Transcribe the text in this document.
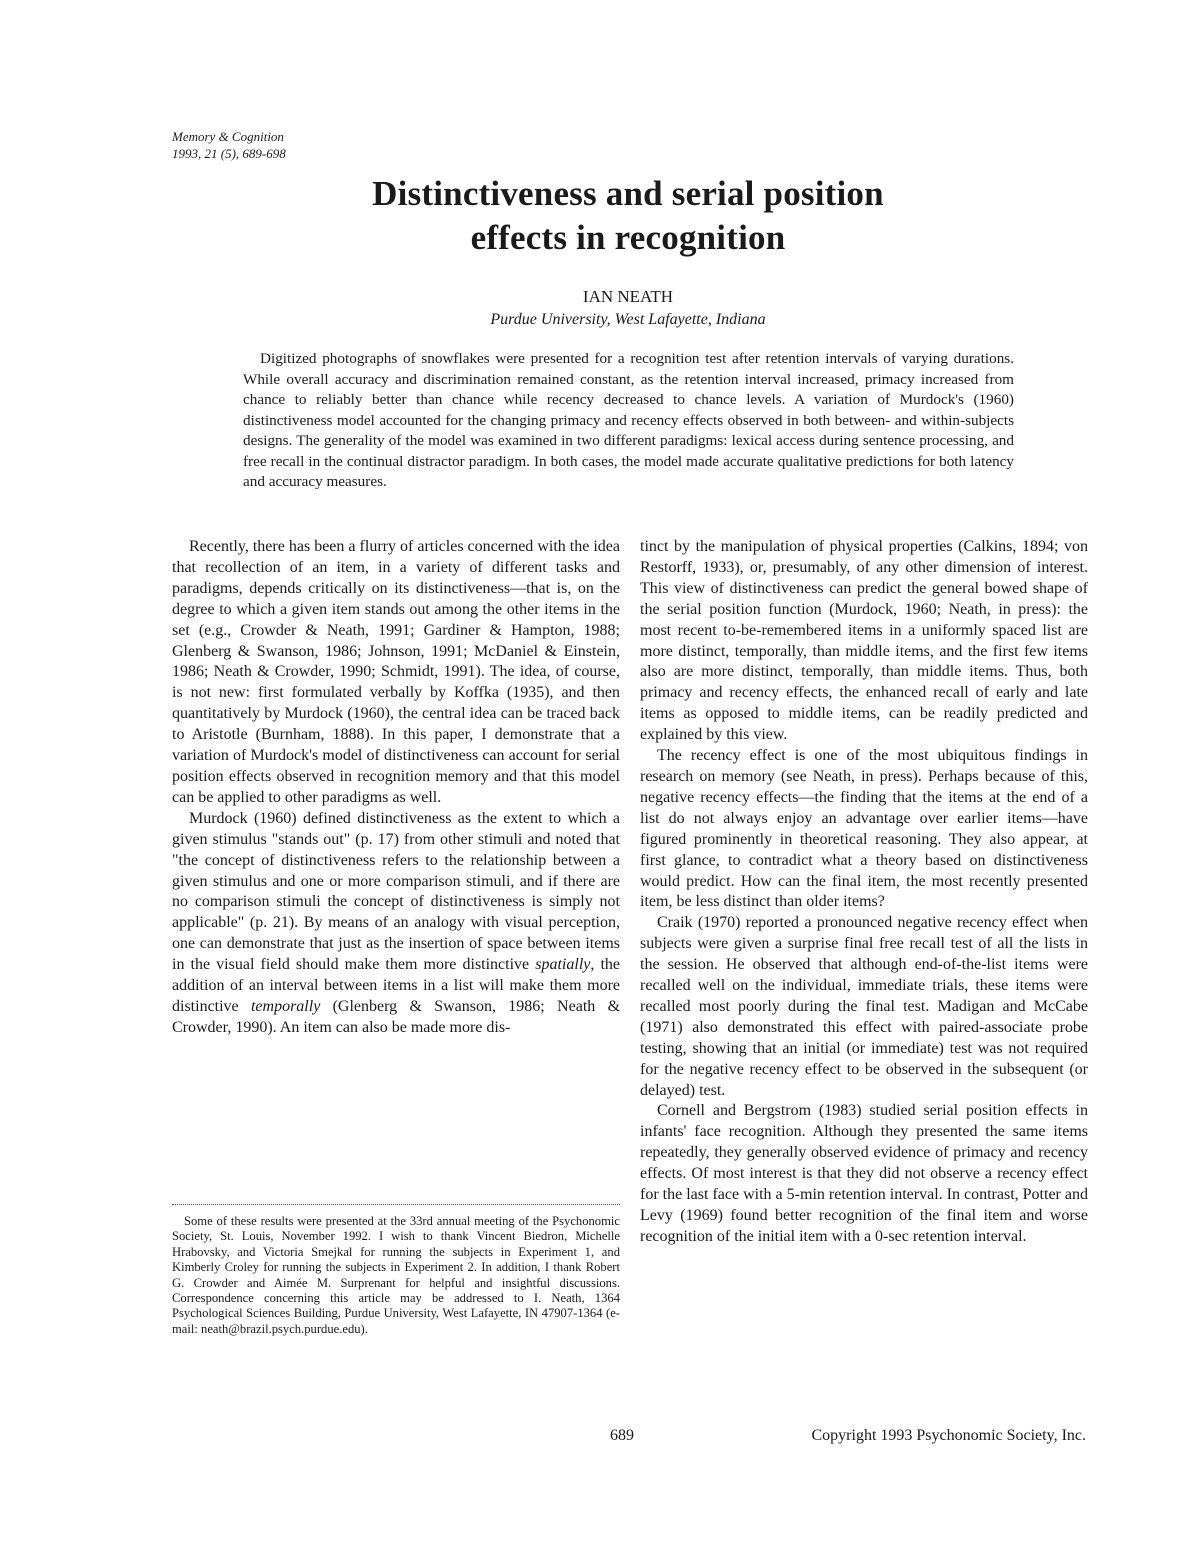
Memory & Cognition
1993, 21 (5), 689-698
Distinctiveness and serial position
effects in recognition
IAN NEATH
Purdue University, West Lafayette, Indiana

Digitized photographs of snowflakes were presented for a recognition test after retention intervals of varying durations. While overall accuracy and discrimination remained constant, as the retention interval increased, primacy increased from chance to reliably better than chance while recency decreased to chance levels. A variation of Murdock's (1960) distinctiveness model accounted for the changing primacy and recency effects observed in both between- and within-subjects designs. The generality of the model was examined in two different paradigms: lexical access during sentence processing, and free recall in the continual distractor paradigm. In both cases, the model made accurate qualitative predictions for both latency and accuracy measures.

Recently, there has been a flurry of articles concerned with the idea that recollection of an item, in a variety of different tasks and paradigms, depends critically on its distinctiveness—that is, on the degree to which a given item stands out among the other items in the set (e.g., Crowder & Neath, 1991; Gardiner & Hampton, 1988; Glenberg & Swanson, 1986; Johnson, 1991; McDaniel & Einstein, 1986; Neath & Crowder, 1990; Schmidt, 1991). The idea, of course, is not new: first formulated verbally by Koffka (1935), and then quantitatively by Murdock (1960), the central idea can be traced back to Aristotle (Burnham, 1888). In this paper, I demonstrate that a variation of Murdock's model of distinctiveness can account for serial position effects observed in recognition memory and that this model can be applied to other paradigms as well.

Murdock (1960) defined distinctiveness as the extent to which a given stimulus "stands out" (p. 17) from other stimuli and noted that "the concept of distinctiveness refers to the relationship between a given stimulus and one or more comparison stimuli, and if there are no comparison stimuli the concept of distinctiveness is simply not applicable" (p. 21). By means of an analogy with visual perception, one can demonstrate that just as the insertion of space between items in the visual field should make them more distinctive spatially, the addition of an interval between items in a list will make them more distinctive temporally (Glenberg & Swanson, 1986; Neath & Crowder, 1990). An item can also be made more dis-

Some of these results were presented at the 33rd annual meeting of the Psychonomic Society, St. Louis, November 1992. I wish to thank Vincent Biedron, Michelle Hrabovsky, and Victoria Smejkal for running the subjects in Experiment 1, and Kimberly Croley for running the subjects in Experiment 2. In addition, I thank Robert G. Crowder and Aimée M. Surprenant for helpful and insightful discussions. Correspondence concerning this article may be addressed to I. Neath, 1364 Psychological Sciences Building, Purdue University, West Lafayette, IN 47907-1364 (e-mail: neath@brazil.psych.purdue.edu).

tinct by the manipulation of physical properties (Calkins, 1894; von Restorff, 1933), or, presumably, of any other dimension of interest. This view of distinctiveness can predict the general bowed shape of the serial position function (Murdock, 1960; Neath, in press): the most recent to-be-remembered items in a uniformly spaced list are more distinct, temporally, than middle items, and the first few items also are more distinct, temporally, than middle items. Thus, both primacy and recency effects, the enhanced recall of early and late items as opposed to middle items, can be readily predicted and explained by this view.

The recency effect is one of the most ubiquitous findings in research on memory (see Neath, in press). Perhaps because of this, negative recency effects—the finding that the items at the end of a list do not always enjoy an advantage over earlier items—have figured prominently in theoretical reasoning. They also appear, at first glance, to contradict what a theory based on distinctiveness would predict. How can the final item, the most recently presented item, be less distinct than older items?

Craik (1970) reported a pronounced negative recency effect when subjects were given a surprise final free recall test of all the lists in the session. He observed that although end-of-the-list items were recalled well on the individual, immediate trials, these items were recalled most poorly during the final test. Madigan and McCabe (1971) also demonstrated this effect with paired-associate probe testing, showing that an initial (or immediate) test was not required for the negative recency effect to be observed in the subsequent (or delayed) test.

Cornell and Bergstrom (1983) studied serial position effects in infants' face recognition. Although they presented the same items repeatedly, they generally observed evidence of primacy and recency effects. Of most interest is that they did not observe a recency effect for the last face with a 5-min retention interval. In contrast, Potter and Levy (1969) found better recognition of the final item and worse recognition of the initial item with a 0-sec retention interval.

689	Copyright 1993 Psychonomic Society, Inc.
